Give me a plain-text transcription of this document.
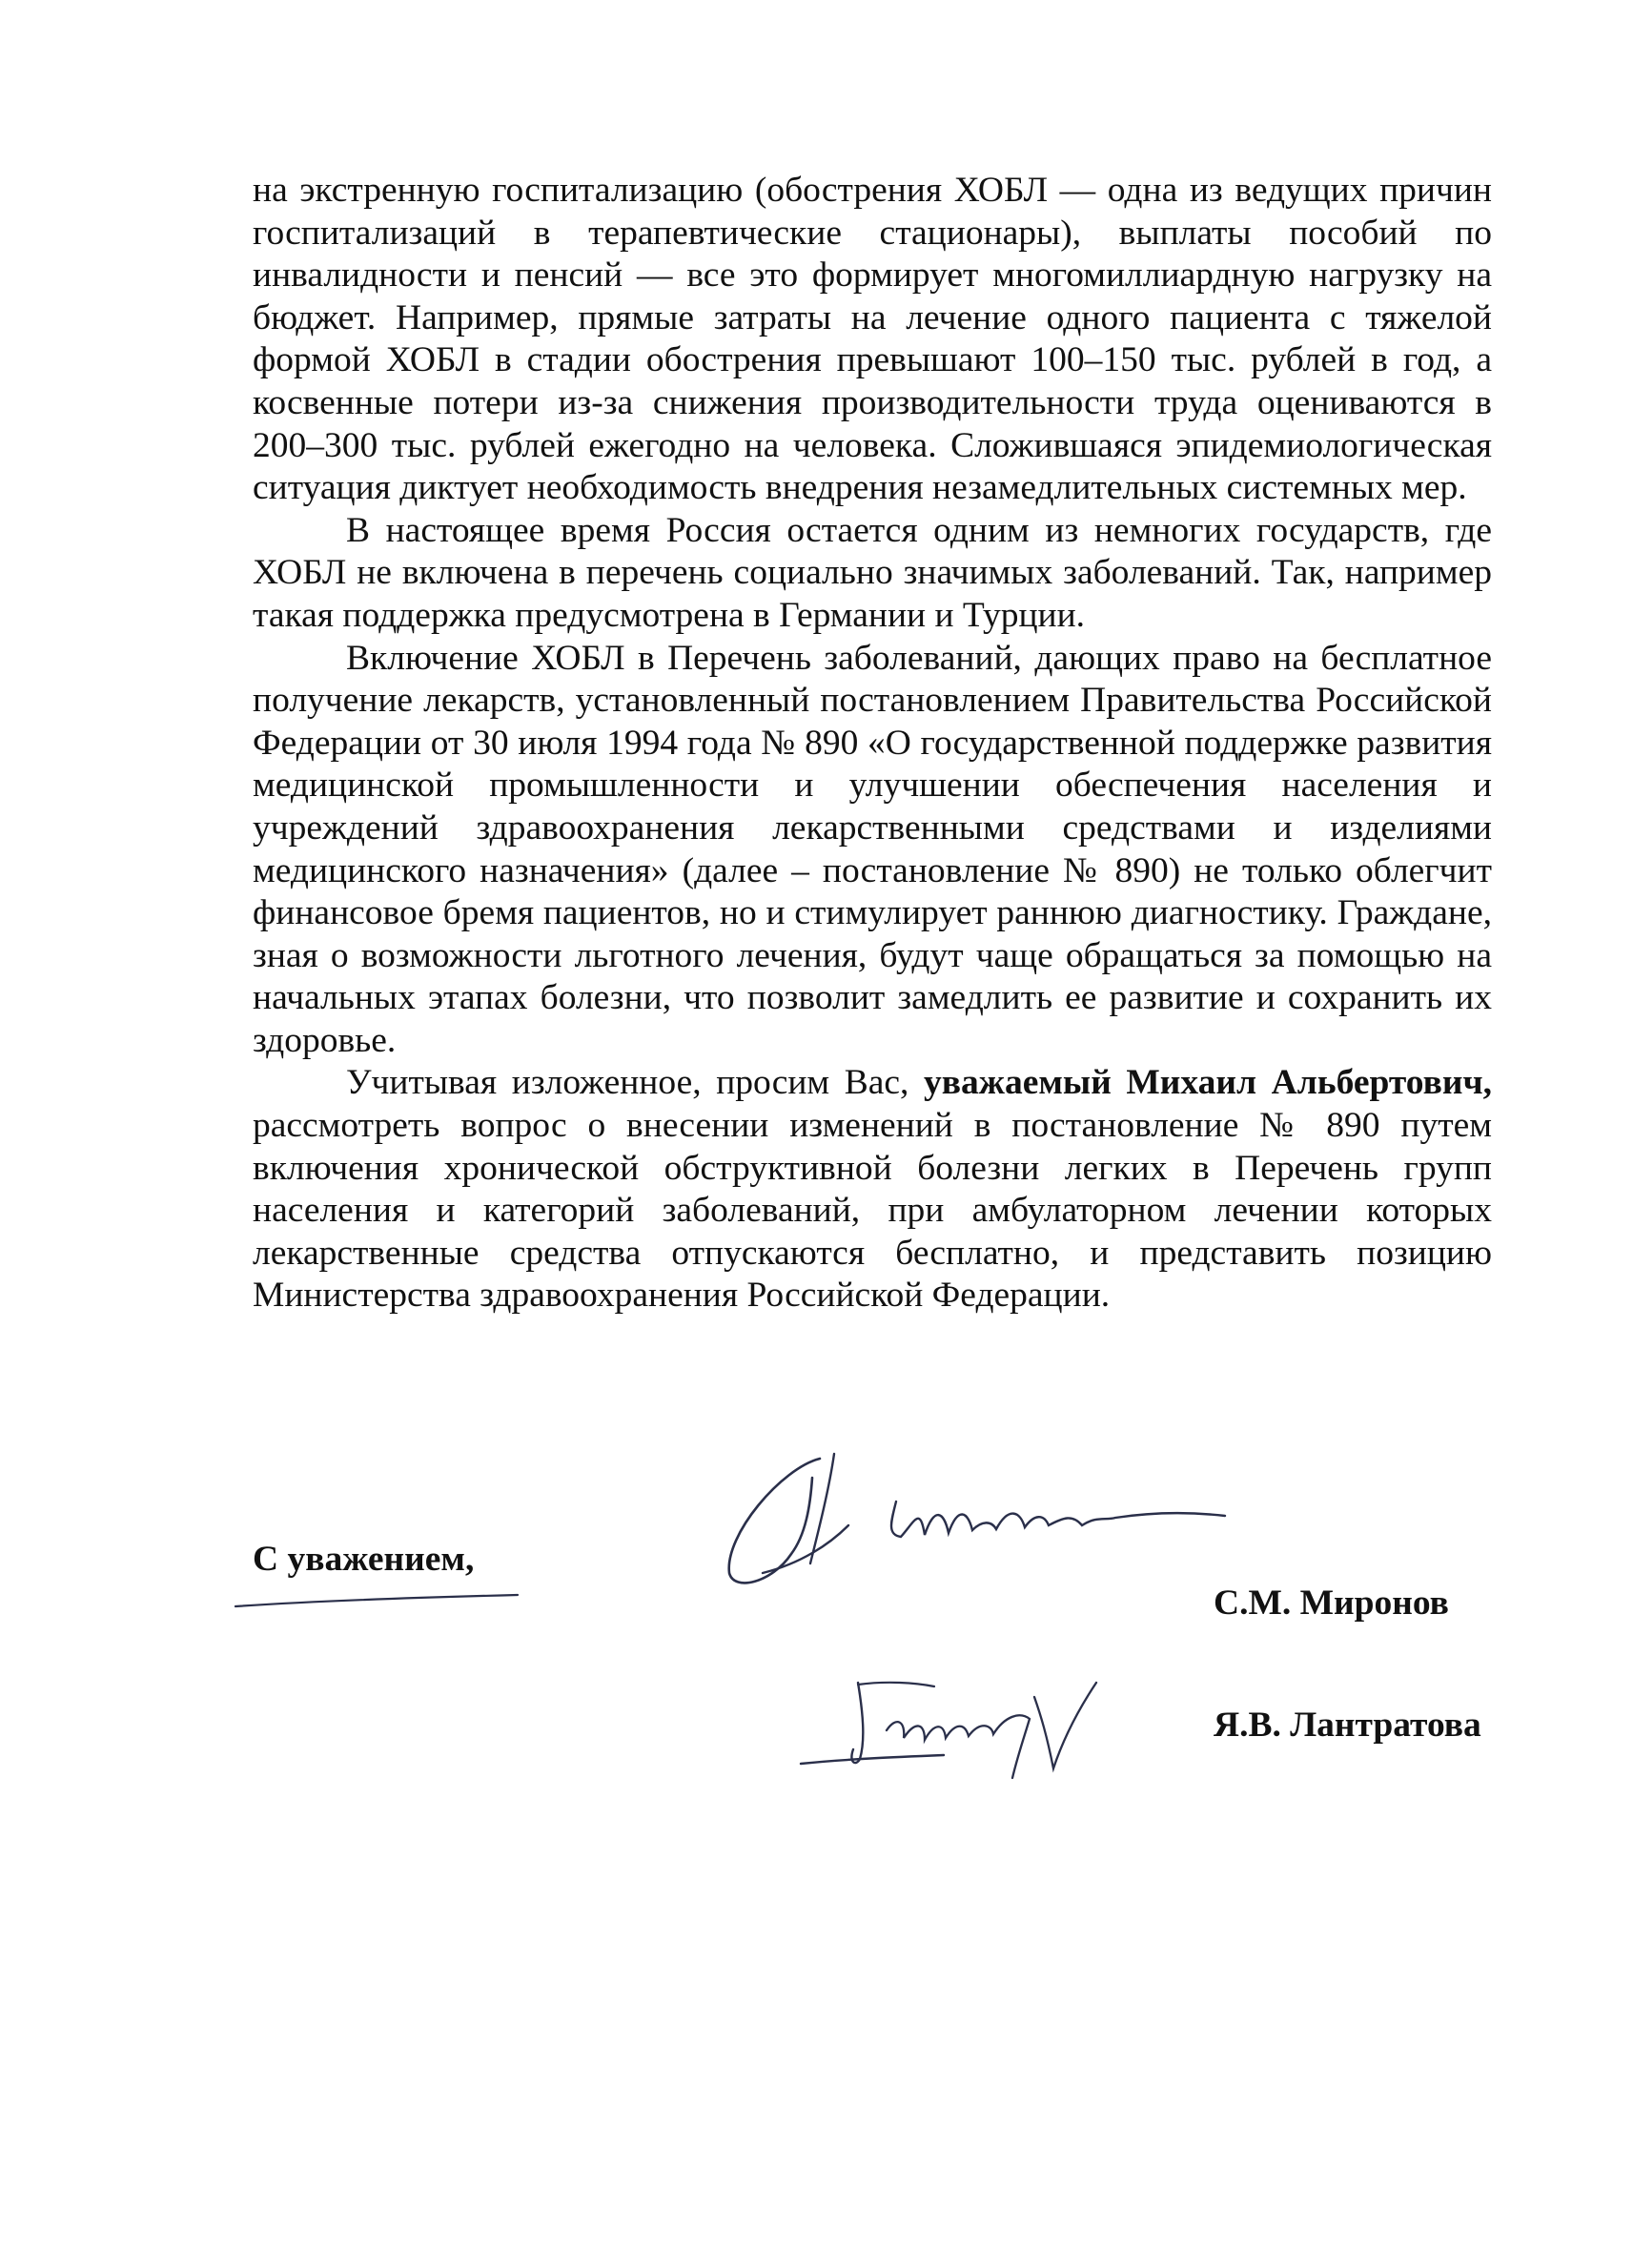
на экстренную госпитализацию (обострения ХОБЛ — одна из ведущих причин госпитализаций в терапевтические стационары), выплаты пособий по инвалидности и пенсий — все это формирует многомиллиардную нагрузку на бюджет. Например, прямые затраты на лечение одного пациента с тяжелой формой ХОБЛ в стадии обострения превышают 100–150 тыс. рублей в год, а косвенные потери из-за снижения производительности труда оцениваются в 200–300 тыс. рублей ежегодно на человека. Сложившаяся эпидемиологическая ситуация диктует необходимость внедрения незамедлительных системных мер.

В настоящее время Россия остается одним из немногих государств, где ХОБЛ не включена в перечень социально значимых заболеваний. Так, например такая поддержка предусмотрена в Германии и Турции.

Включение ХОБЛ в Перечень заболеваний, дающих право на бесплатное получение лекарств, установленный постановлением Правительства Российской Федерации от 30 июля 1994 года № 890 «О государственной поддержке развития медицинской промышленности и улучшении обеспечения населения и учреждений здравоохранения лекарственными средствами и изделиями медицинского назначения» (далее – постановление № 890) не только облегчит финансовое бремя пациентов, но и стимулирует раннюю диагностику. Граждане, зная о возможности льготного лечения, будут чаще обращаться за помощью на начальных этапах болезни, что позволит замедлить ее развитие и сохранить их здоровье.

Учитывая изложенное, просим Вас, уважаемый Михаил Альбертович, рассмотреть вопрос о внесении изменений в постановление № 890 путем включения хронической обструктивной болезни легких в Перечень групп населения и категорий заболеваний, при амбулаторном лечении которых лекарственные средства отпускаются бесплатно, и представить позицию Министерства здравоохранения Российской Федерации.

С уважением,
С.М. Миронов
Я.В. Лантратова
